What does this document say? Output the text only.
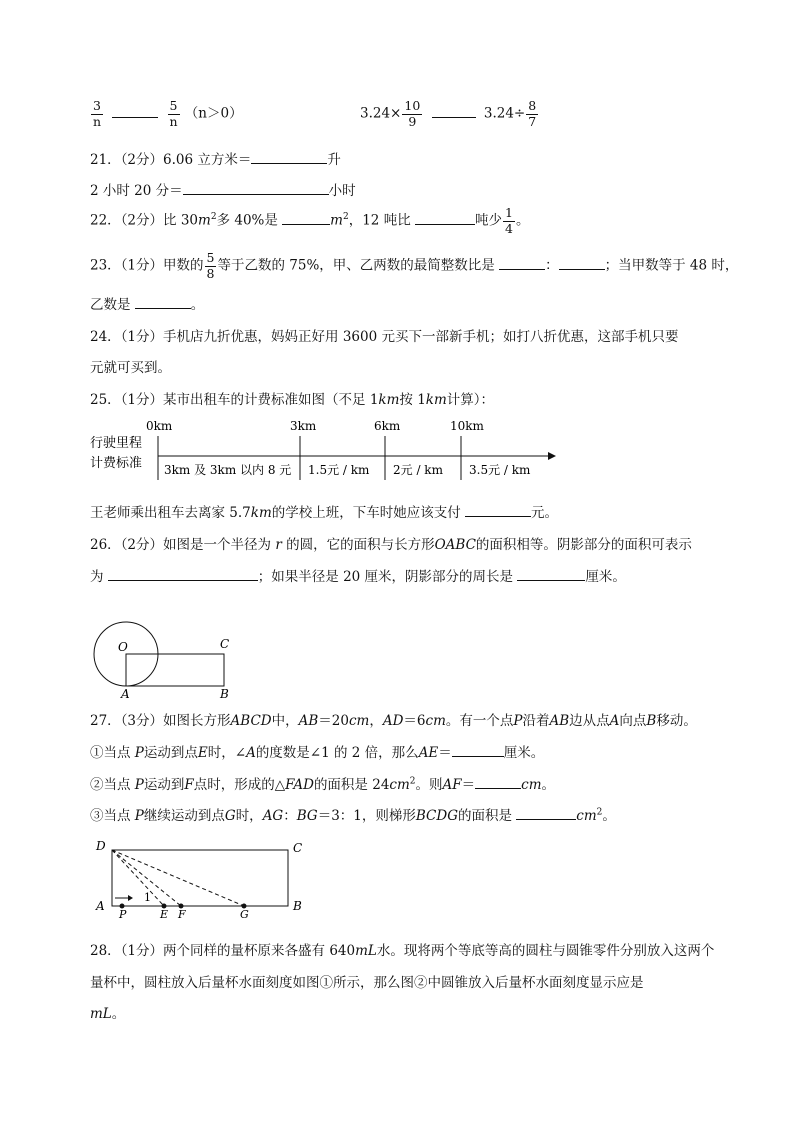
$\frac{3}{n}$
	$\frac{5}{n} (n>0)$	$3.24\times \frac{10}{9}$	$3.24\div \frac{8}{7}$
21．（2分）6.06 立方米＝	升
2 小时 20 分＝	小时
22．（2分）比 $30m^2$多 40%是	$m^2$，12 吨比	吨少 $\frac{1}{4}$ 。
23．（1分）甲数的 $\frac{5}{8}$ 等于乙数的 75%，甲、乙两数的最简整数比是	：	；当甲数等于 48 时，
乙数是	。
24．（1分）手机店九折优惠，妈妈正好用 3600 元买下一部新手机；如打八折优惠，这部手机只要
元就可买到。
25．（1分）某市出租车的计费标准如图（不足 1km按 1km计算）：
行驶里程
计费标准
0km	3km	6km	10km
3km 及 3km 以内 8 元 1.5元 / km 2元 / km 3.5元 / km
王老师乘出租车去离家 5.7km的学校上班，下车时她应该支付	元。
26．（2分）如图是一个半径为 r 的圆，它的面积与长方形OABC的面积相等。阴影部分的面积可表示
为	；如果半径是 20 厘米，阴影部分的周长是	厘米。
O	C
A	B
27．（3分）如图长方形ABCD中，AB＝20cm，AD＝6cm。有一个点P沿着AB边从点A向点B移动。
①当点 P运动到点E时，∠A的度数是∠1 的 2 倍，那么AE＝	厘米。
②当点 P运动到F点时，形成的△FAD的面积是 $24cm^2$。则AF＝	cm。
③当点 P继续运动到点G时，AG：BG＝3：1，则梯形BCDG的面积是	$cm^2$。
D	C
A	B
P	E F	G
1
28．（1分）两个同样的量杯原来各盛有 640mL水。现将两个等底等高的圆柱与圆锥零件分别放入这两个
量杯中，圆柱放入后量杯水面刻度如图①所示，那么图②中圆锥放入后量杯水面刻度显示应是
mL。
